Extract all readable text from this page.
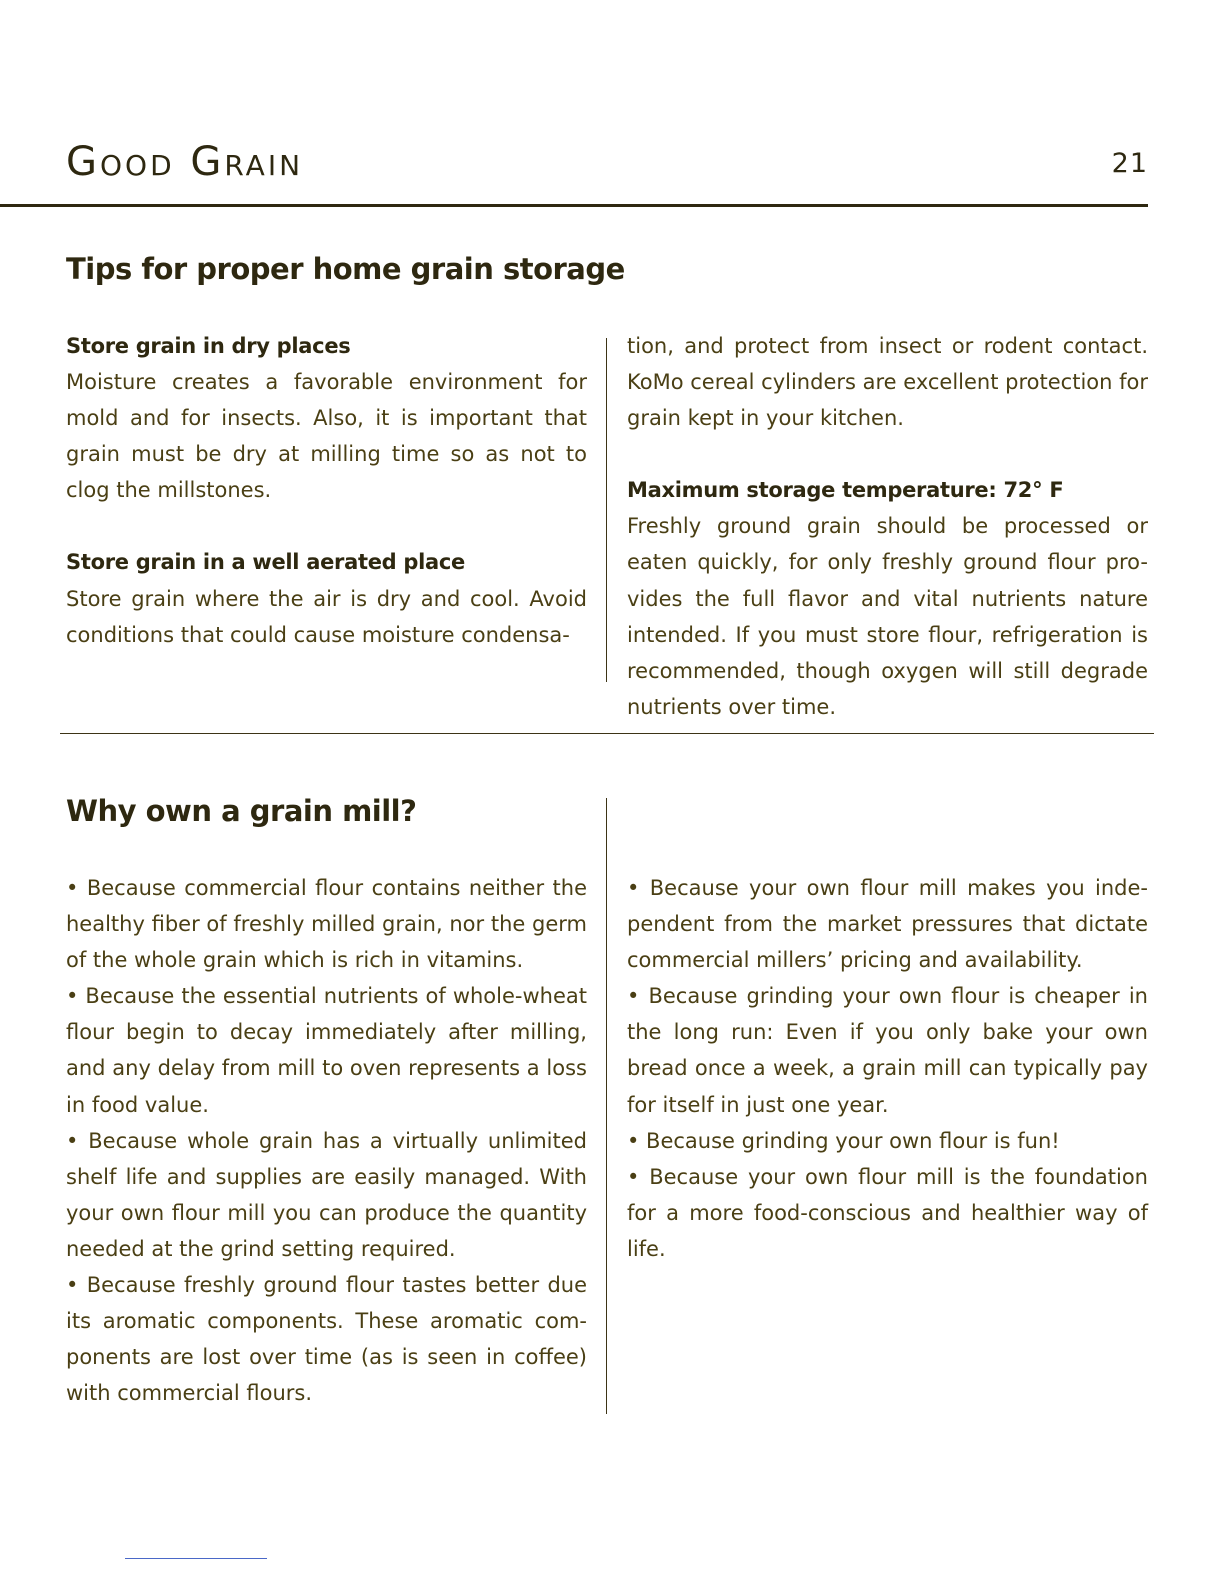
Good Grain	21
Tips for proper home grain storage

Store grain in dry places

Moisture creates a favorable environment for mold and for insects. Also, it is important that grain must be dry at milling time so as not to clog the millstones.

Store grain in a well aerated place

Store grain where the air is dry and cool. Avoid conditions that could cause moisture condensa-

tion, and protect from insect or rodent contact. KoMo cereal cylinders are excellent protection for grain kept in your kitchen.

Maximum storage temperature: 72° F

Freshly ground grain should be processed or eaten quickly, for only freshly ground flour pro-vides the full flavor and vital nutrients nature intended. If you must store flour, refrigeration is recommended, though oxygen will still degrade nutrients over time.

Why own a grain mill?

• Because commercial flour contains neither the healthy fiber of freshly milled grain, nor the germ of the whole grain which is rich in vitamins.

• Because the essential nutrients of whole-wheat flour begin to decay immediately after milling, and any delay from mill to oven represents a loss in food value.

• Because whole grain has a virtually unlimited shelf life and supplies are easily managed. With your own flour mill you can produce the quantity needed at the grind setting required.

• Because freshly ground flour tastes better due its aromatic components. These aromatic com-ponents are lost over time (as is seen in coffee) with commercial flours.

• Because your own flour mill makes you inde-pendent from the market pressures that dictate commercial millers’ pricing and availability.

• Because grinding your own flour is cheaper in the long run: Even if you only bake your own bread once a week, a grain mill can typically pay for itself in just one year.

• Because grinding your own flour is fun!

• Because your own flour mill is the foundation for a more food-conscious and healthier way of life.
